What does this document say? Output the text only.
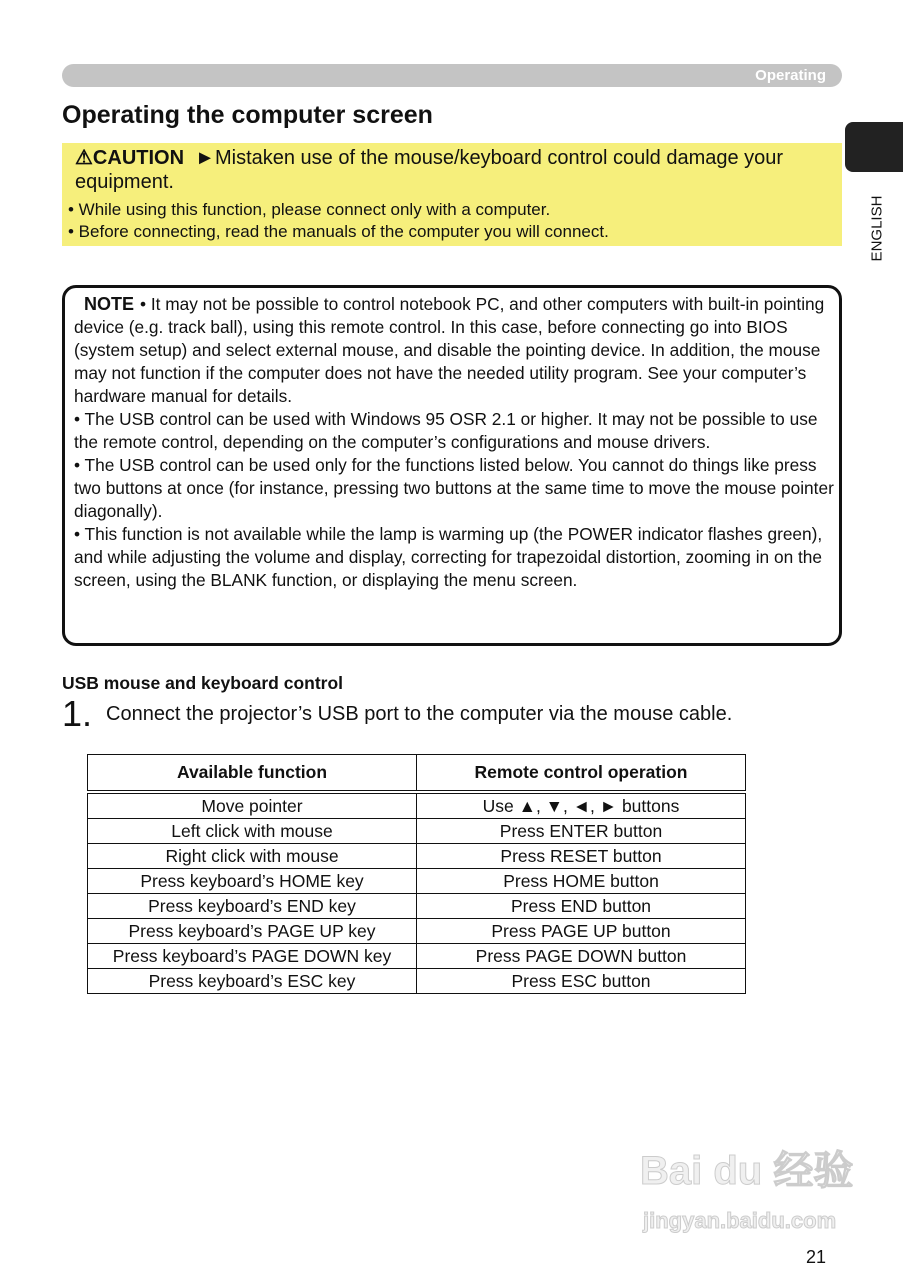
Operating
ENGLISH
Operating the computer screen
⚠CAUTION ►Mistaken use of the mouse/keyboard control could damage your equipment.
• While using this function, please connect only with a computer.
• Before connecting, read the manuals of the computer you will connect.
NOTE • It may not be possible to control notebook PC, and other computers with built-in pointing device (e.g. track ball), using this remote control. In this case, before connecting go into BIOS (system setup) and select external mouse, and disable the pointing device. In addition, the mouse may not function if the computer does not have the needed utility program. See your computer’s hardware manual for details.
• The USB control can be used with Windows 95 OSR 2.1 or higher. It may not be possible to use the remote control, depending on the computer’s configurations and mouse drivers.
• The USB control can be used only for the functions listed below. You cannot do things like press two buttons at once (for instance, pressing two buttons at the same time to move the mouse pointer diagonally).
• This function is not available while the lamp is warming up (the POWER indicator flashes green), and while adjusting the volume and display, correcting for trapezoidal distortion, zooming in on the screen, using the BLANK function, or displaying the menu screen.
USB mouse and keyboard control
1. Connect the projector’s USB port to the computer via the mouse cable.
Available function	Remote control operation
Move pointer	Use ▲, ▼, ◄, ► buttons
Left click with mouse	Press ENTER button
Right click with mouse	Press RESET button
Press keyboard’s HOME key	Press HOME button
Press keyboard’s END key	Press END button
Press keyboard’s PAGE UP key	Press PAGE UP button
Press keyboard’s PAGE DOWN key	Press PAGE DOWN button
Press keyboard’s ESC key	Press ESC button
Bai du 经验
jingyan.baidu.com
21
